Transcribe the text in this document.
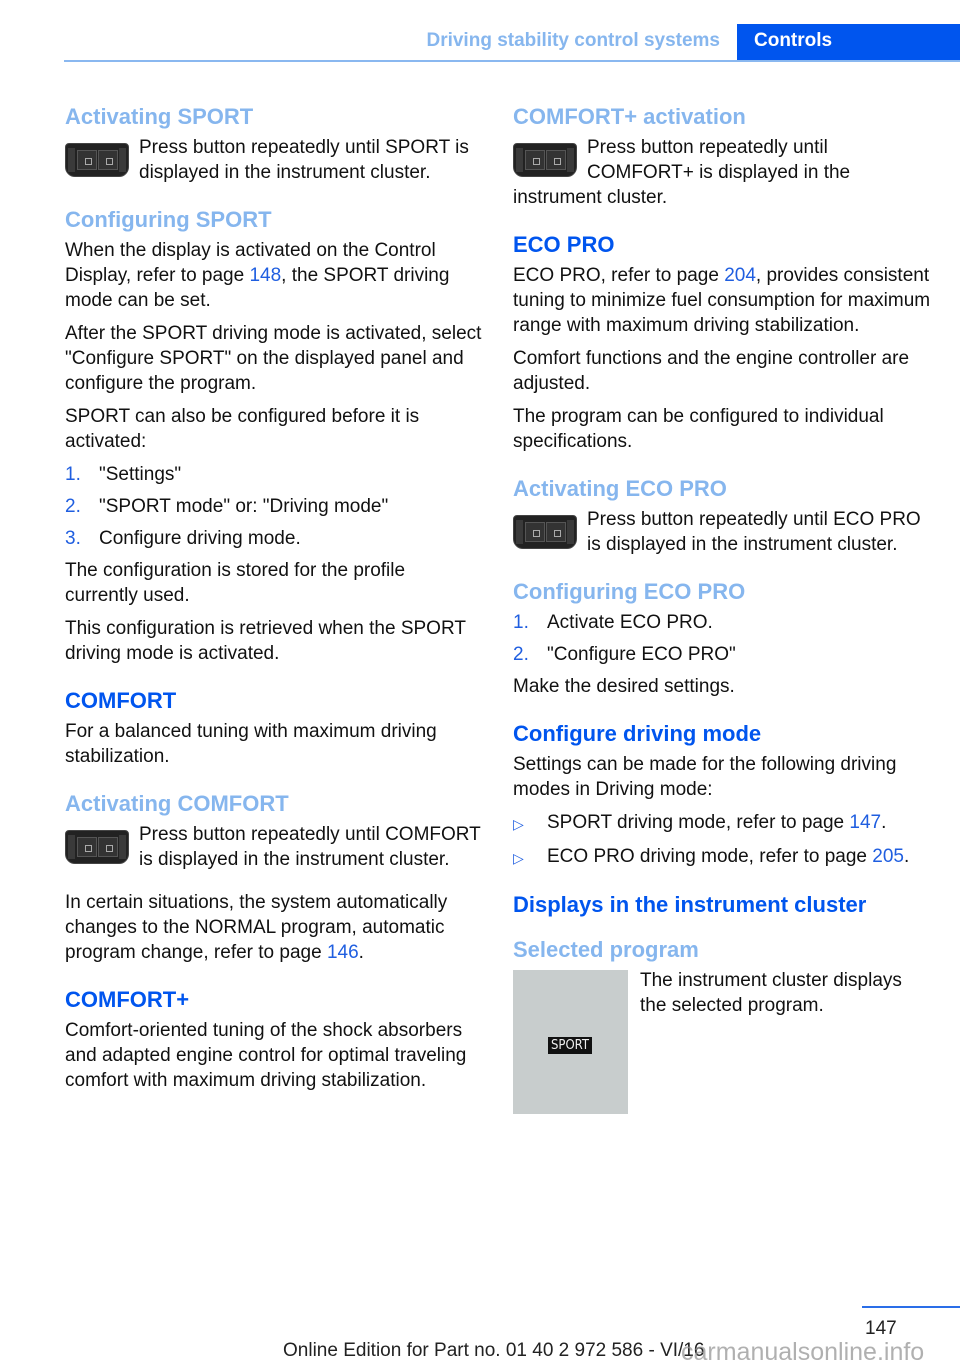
Driving stability control systems	Controls
Activating SPORT

Press button repeatedly until SPORT is displayed in the instrument cluster.

Configuring SPORT

When the display is activated on the Control Display, refer to page 148, the SPORT driving mode can be set.

After the SPORT driving mode is activated, select "Configure SPORT" on the displayed panel and configure the program.

SPORT can also be configured before it is activated:

1. "Settings"
2. "SPORT mode" or: "Driving mode"
3. Configure driving mode.

The configuration is stored for the profile currently used.

This configuration is retrieved when the SPORT driving mode is activated.

COMFORT

For a balanced tuning with maximum driving stabilization.

Activating COMFORT

Press button repeatedly until COMFORT is displayed in the instrument cluster.

In certain situations, the system automatically changes to the NORMAL program, automatic program change, refer to page 146.

COMFORT+

Comfort-oriented tuning of the shock absorbers and adapted engine control for optimal traveling comfort with maximum driving stabilization.

COMFORT+ activation

Press button repeatedly until COMFORT+ is displayed in the instrument cluster.

ECO PRO

ECO PRO, refer to page 204, provides consistent tuning to minimize fuel consumption for maximum range with maximum driving stabilization.

Comfort functions and the engine controller are adjusted.

The program can be configured to individual specifications.

Activating ECO PRO

Press button repeatedly until ECO PRO is displayed in the instrument cluster.

Configuring ECO PRO
1. Activate ECO PRO.
2. "Configure ECO PRO"

Make the desired settings.

Configure driving mode

Settings can be made for the following driving modes in Driving mode:

▷	SPORT driving mode, refer to page 147.
▷	ECO PRO driving mode, refer to page 205.
Displays in the instrument cluster
Selected program
SPORT

The instrument cluster displays the selected program.

147
Online Edition for Part no. 01 40 2 972 586 - VI/16
carmanualsonline.info
